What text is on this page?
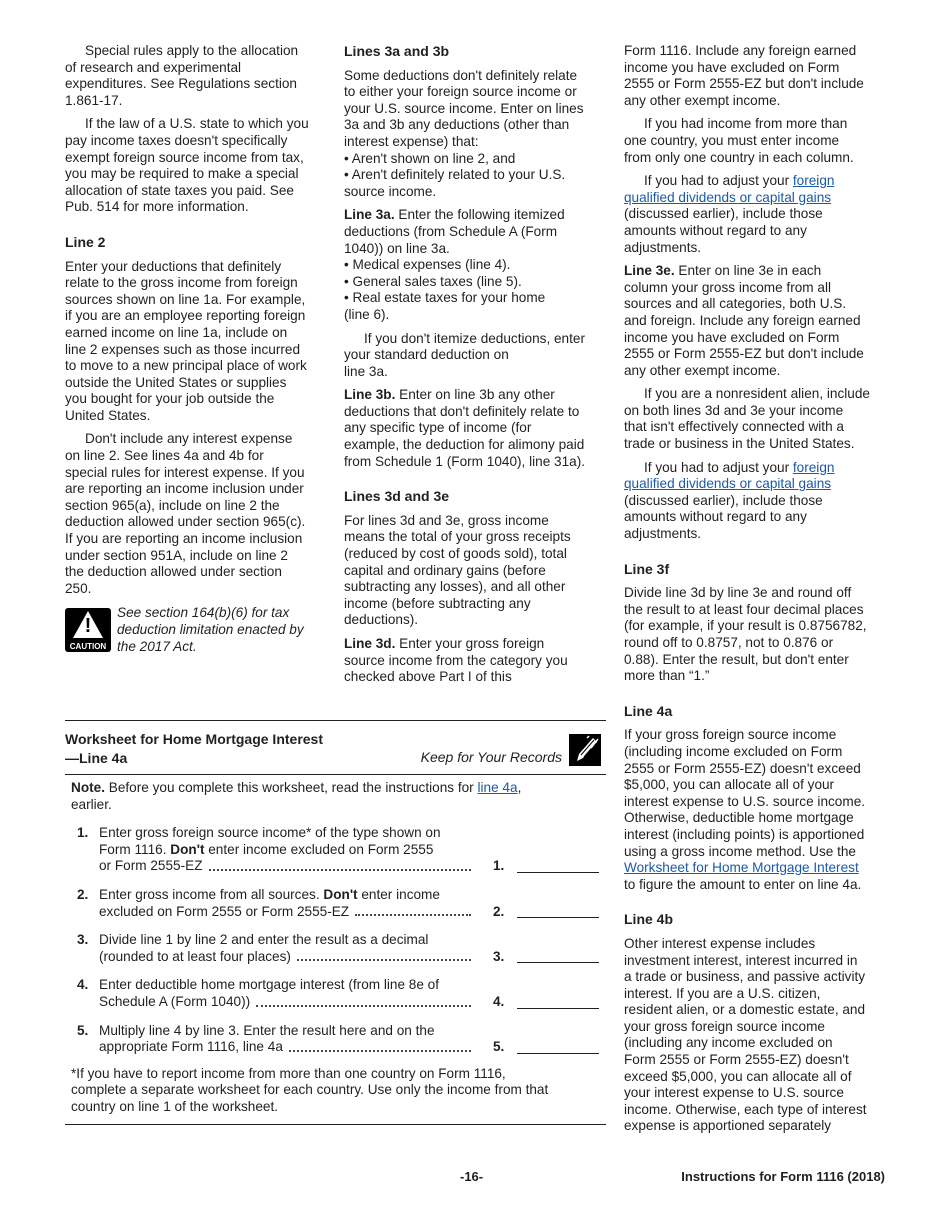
Special rules apply to the allocation
of research and experimental
expenditures. See Regulations section
1.861-17.
If the law of a U.S. state to which you
pay income taxes doesn't specifically
exempt foreign source income from tax,
you may be required to make a special
allocation of state taxes you paid. See
Pub. 514 for more information.
Line 2
Enter your deductions that definitely
relate to the gross income from foreign
sources shown on line 1a. For example,
if you are an employee reporting foreign
earned income on line 1a, include on
line 2 expenses such as those incurred
to move to a new principal place of work
outside the United States or supplies
you bought for your job outside the
United States.
Don't include any interest expense
on line 2. See lines 4a and 4b for
special rules for interest expense. If you
are reporting an income inclusion under
section 965(a), include on line 2 the
deduction allowed under section 965(c).
If you are reporting an income inclusion
under section 951A, include on line 2
the deduction allowed under section
250.
!
CAUTION
See section 164(b)(6) for tax
deduction limitation enacted by
the 2017 Act.
Lines 3a and 3b
Some deductions don't definitely relate
to either your foreign source income or
your U.S. source income. Enter on lines
3a and 3b any deductions (other than
interest expense) that:
• Aren't shown on line 2, and
• Aren't definitely related to your U.S.
source income.
Line 3a. Enter the following itemized
deductions (from Schedule A (Form
1040)) on line 3a.
• Medical expenses (line 4).
• General sales taxes (line 5).
• Real estate taxes for your home
(line 6).
If you don't itemize deductions, enter
your standard deduction on
line 3a.
Line 3b. Enter on line 3b any other
deductions that don't definitely relate to
any specific type of income (for
example, the deduction for alimony paid
from Schedule 1 (Form 1040), line 31a).
Lines 3d and 3e
For lines 3d and 3e, gross income
means the total of your gross receipts
(reduced by cost of goods sold), total
capital and ordinary gains (before
subtracting any losses), and all other
income (before subtracting any
deductions).
Line 3d. Enter your gross foreign
source income from the category you
checked above Part I of this
Form 1116. Include any foreign earned
income you have excluded on Form
2555 or Form 2555-EZ but don't include
any other exempt income.
If you had income from more than
one country, you must enter income
from only one country in each column.
If you had to adjust your foreign
qualified dividends or capital gains
(discussed earlier), include those
amounts without regard to any
adjustments.
Line 3e. Enter on line 3e in each
column your gross income from all
sources and all categories, both U.S.
and foreign. Include any foreign earned
income you have excluded on Form
2555 or Form 2555-EZ but don't include
any other exempt income.
If you are a nonresident alien, include
on both lines 3d and 3e your income
that isn't effectively connected with a
trade or business in the United States.
If you had to adjust your foreign
qualified dividends or capital gains
(discussed earlier), include those
amounts without regard to any
adjustments.
Line 3f
Divide line 3d by line 3e and round off
the result to at least four decimal places
(for example, if your result is 0.8756782,
round off to 0.8757, not to 0.876 or
0.88). Enter the result, but don't enter
more than “1.”
Line 4a
If your gross foreign source income
(including income excluded on Form
2555 or Form 2555-EZ) doesn't exceed
$5,000, you can allocate all of your
interest expense to U.S. source income.
Otherwise, deductible home mortgage
interest (including points) is apportioned
using a gross income method. Use the
Worksheet for Home Mortgage Interest
to figure the amount to enter on line 4a.
Line 4b
Other interest expense includes
investment interest, interest incurred in
a trade or business, and passive activity
interest. If you are a U.S. citizen,
resident alien, or a domestic estate, and
your gross foreign source income
(including any income excluded on
Form 2555 or Form 2555-EZ) doesn't
exceed $5,000, you can allocate all of
your interest expense to U.S. source
income. Otherwise, each type of interest
expense is apportioned separately
Worksheet for Home Mortgage Interest
—Line 4a	Keep for Your Records
Note. Before you complete this worksheet, read the instructions for line 4a,
earlier.
1. Enter gross foreign source income* of the type shown on
Form 1116. Don't enter income excluded on Form 2555
or Form 2555-EZ	1.
2. Enter gross income from all sources. Don't enter income
excluded on Form 2555 or Form 2555-EZ	2.
3. Divide line 1 by line 2 and enter the result as a decimal
(rounded to at least four places)	3.
4. Enter deductible home mortgage interest (from line 8e of
Schedule A (Form 1040))	4.
5. Multiply line 4 by line 3. Enter the result here and on the
appropriate Form 1116, line 4a	5.
*If you have to report income from more than one country on Form 1116,
complete a separate worksheet for each country. Use only the income from that
country on line 1 of the worksheet.
-16-	Instructions for Form 1116 (2018)
